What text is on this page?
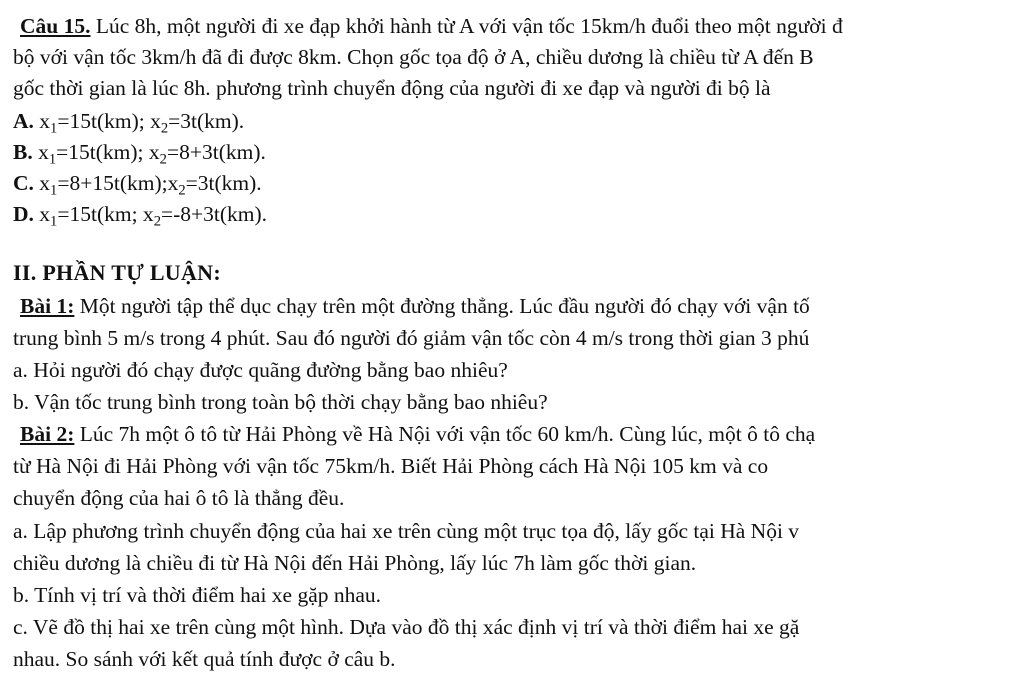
Câu 15. Lúc 8h, một người đi xe đạp khởi hành từ A với vận tốc 15km/h đuổi theo một người đ
bộ với vận tốc 3km/h đã đi được 8km. Chọn gốc tọa độ ở A, chiều dương là chiều từ A đến B
gốc thời gian là lúc 8h. phương trình chuyển động của người đi xe đạp và người đi bộ là
A. $x_1=15t(km)$; $x_2=3t(km)$.
B. $x_1=15t(km)$; $x_2=8+3t(km)$.
C. $x_1=8+15t(km);x_2=3t(km)$.
D. $x_1=15t(km$; $x_2=-8+3t(km)$.
II. PHẦN TỰ LUẬN:
Bài 1: Một người tập thể dục chạy trên một đường thẳng. Lúc đầu người đó chạy với vận tố
trung bình 5 m/s trong 4 phút. Sau đó người đó giảm vận tốc còn 4 m/s trong thời gian 3 phú
a. Hỏi người đó chạy được quãng đường bằng bao nhiêu?
b. Vận tốc trung bình trong toàn bộ thời chạy bằng bao nhiêu?
Bài 2: Lúc 7h một ô tô từ Hải Phòng về Hà Nội với vận tốc 60 km/h. Cùng lúc, một ô tô chạ
từ Hà Nội đi Hải Phòng với vận tốc 75km/h. Biết Hải Phòng cách Hà Nội 105 km và co
chuyển động của hai ô tô là thẳng đều.
a. Lập phương trình chuyển động của hai xe trên cùng một trục tọa độ, lấy gốc tại Hà Nội v
chiều dương là chiều đi từ Hà Nội đến Hải Phòng, lấy lúc 7h làm gốc thời gian.
b. Tính vị trí và thời điểm hai xe gặp nhau.
c. Vẽ đồ thị hai xe trên cùng một hình. Dựa vào đồ thị xác định vị trí và thời điểm hai xe gặ
nhau. So sánh với kết quả tính được ở câu b.
